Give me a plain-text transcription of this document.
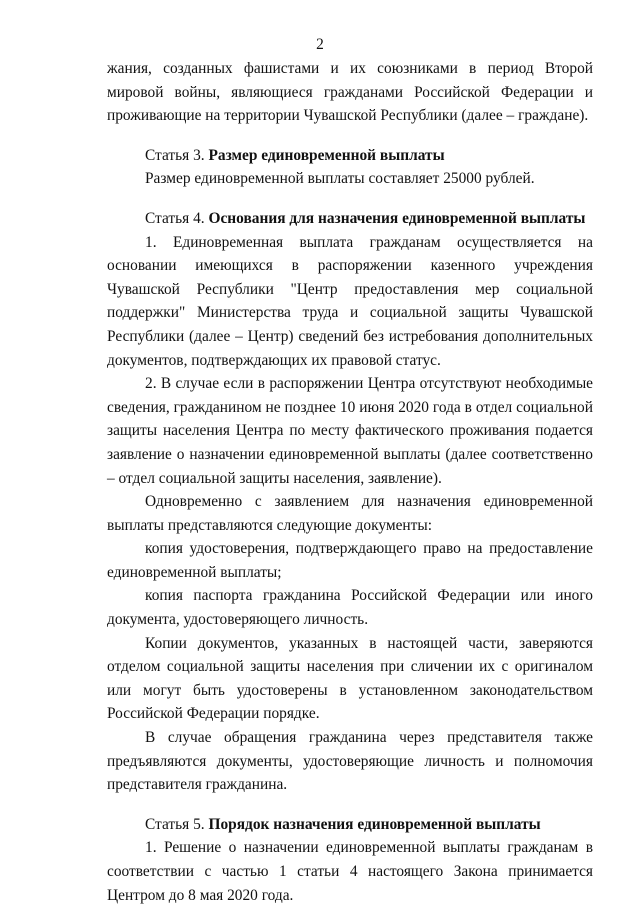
2

жания, созданных фашистами и их союзниками в период Второй мировой войны, являющиеся гражданами Российской Федерации и проживающие на территории Чувашской Республики (далее – граждане).

Статья 3. Размер единовременной выплаты

Размер единовременной выплаты составляет 25000 рублей.

Статья 4. Основания для назначения единовременной выплаты

1. Единовременная выплата гражданам осуществляется на основании имеющихся в распоряжении казенного учреждения Чувашской Республики "Центр предоставления мер социальной поддержки" Министерства труда и социальной защиты Чувашской Республики (далее – Центр) сведений без истребования дополнительных документов, подтверждающих их правовой статус.

2. В случае если в распоряжении Центра отсутствуют необходимые сведения, гражданином не позднее 10 июня 2020 года в отдел социальной защиты населения Центра по месту фактического проживания подается заявление о назначении единовременной выплаты (далее соответственно – отдел социальной защиты населения, заявление).

Одновременно с заявлением для назначения единовременной выплаты представляются следующие документы:

копия удостоверения, подтверждающего право на предоставление единовременной выплаты;

копия паспорта гражданина Российской Федерации или иного документа, удостоверяющего личность.

Копии документов, указанных в настоящей части, заверяются отделом социальной защиты населения при сличении их с оригиналом или могут быть удостоверены в установленном законодательством Российской Федерации порядке.

В случае обращения гражданина через представителя также предъявляются документы, удостоверяющие личность и полномочия представителя гражданина.

Статья 5. Порядок назначения единовременной выплаты

1. Решение о назначении единовременной выплаты гражданам в соответствии с частью 1 статьи 4 настоящего Закона принимается Центром до 8 мая 2020 года.
